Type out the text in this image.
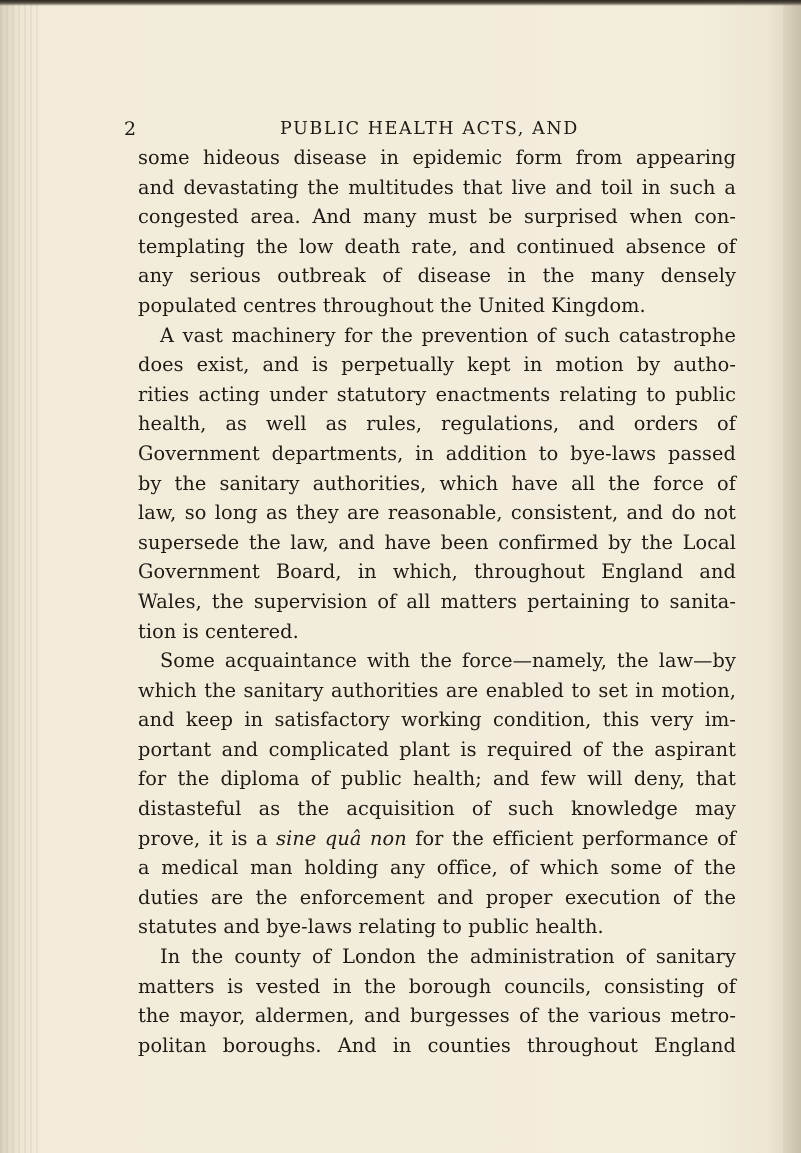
2	PUBLIC HEALTH ACTS, AND
some hideous disease in epidemic form from appearing
and devastating the multitudes that live and toil in such a
congested area. And many must be surprised when con-
templating the low death rate, and continued absence of
any serious outbreak of disease in the many densely
populated centres throughout the United Kingdom.
A vast machinery for the prevention of such catastrophe
does exist, and is perpetually kept in motion by autho-
rities acting under statutory enactments relating to public
health, as well as rules, regulations, and orders of
Government departments, in addition to bye-laws passed
by the sanitary authorities, which have all the force of
law, so long as they are reasonable, consistent, and do not
supersede the law, and have been confirmed by the Local
Government Board, in which, throughout England and
Wales, the supervision of all matters pertaining to sanita-
tion is centered.
Some acquaintance with the force—namely, the law—by
which the sanitary authorities are enabled to set in motion,
and keep in satisfactory working condition, this very im-
portant and complicated plant is required of the aspirant
for the diploma of public health; and few will deny, that
distasteful as the acquisition of such knowledge may
prove, it is a sine quâ non for the efficient performance of
a medical man holding any office, of which some of the
duties are the enforcement and proper execution of the
statutes and bye-laws relating to public health.
In the county of London the administration of sanitary
matters is vested in the borough councils, consisting of
the mayor, aldermen, and burgesses of the various metro-
politan boroughs. And in counties throughout England
